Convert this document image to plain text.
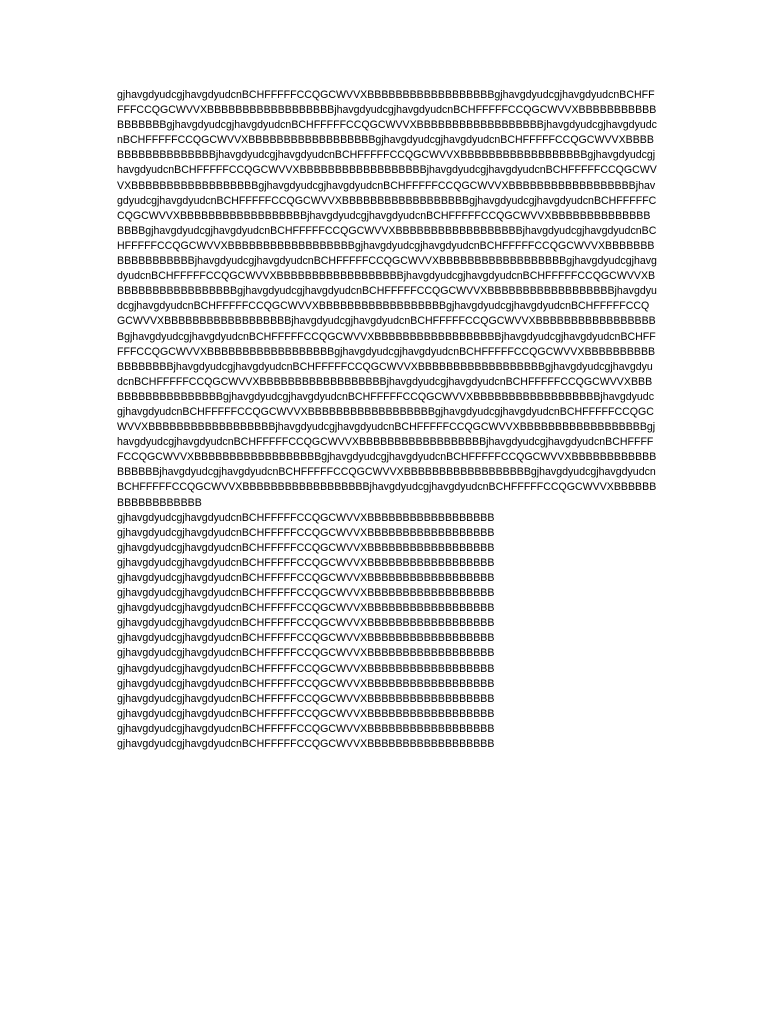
gjhavgdyudcgjhavgdyudcnBCHFFFFFCCQGCWVVXBBBBBBBBBBBBBBBBBBgjhavgdyudcgjhavgdyudcnBCHFFFFFCCQGCWVVXBBBBBBBBBBBBBBBBBBjhavgdyudcgjhavgdyudcnBCHFFFFFCCQGCWVVXBBBBBBBBBBBBBBBBBBgjhavgdyudcgjhavgdyudcnBCHFFFFFCCQGCWVVXBBBBBBBBBBBBBBBBBBjhavgdyudcgjhavgdyudcnBCHFFFFFCCQGCWVVXBBBBBBBBBBBBBBBBBBgjhavgdyudcgjhavgdyudcnBCHFFFFFCCQGCWVVXBBBBBBBBBBBBBBBBBBjhavgdyudcgjhavgdyudcnBCHFFFFFCCQGCWVVXBBBBBBBBBBBBBBBBBBgjhavgdyudcgjhavgdyudcnBCHFFFFFCCQGCWVVXBBBBBBBBBBBBBBBBBBjhavgdyudcgjhavgdyudcnBCHFFFFFCCQGCWVVXBBBBBBBBBBBBBBBBBBgjhavgdyudcgjhavgdyudcnBCHFFFFFCCQGCWVVXBBBBBBBBBBBBBBBBBBjhavgdyudcgjhavgdyudcnBCHFFFFFCCQGCWVVXBBBBBBBBBBBBBBBBBBgjhavgdyudcgjhavgdyudcnBCHFFFFFCCQGCWVVXBBBBBBBBBBBBBBBBBBjhavgdyudcgjhavgdyudcnBCHFFFFFCCQGCWVVXBBBBBBBBBBBBBBBBBBgjhavgdyudcgjhavgdyudcnBCHFFFFFCCQGCWVVXBBBBBBBBBBBBBBBBBBjhavgdyudcgjhavgdyudcnBCHFFFFFCCQGCWVVXBBBBBBBBBBBBBBBBBBgjhavgdyudcgjhavgdyudcnBCHFFFFFCCQGCWVVXBBBBBBBBBBBBBBBBBBjhavgdyudcgjhavgdyudcnBCHFFFFFCCQGCWVVXBBBBBBBBBBBBBBBBBBgjhavgdyudcgjhavgdyudcnBCHFFFFFCCQGCWVVXBBBBBBBBBBBBBBBBBBjhavgdyudcgjhavgdyudcnBCHFFFFFCCQGCWVVXBBBBBBBBBBBBBBBBBBgjhavgdyudcgjhavgdyudcnBCHFFFFFCCQGCWVVXBBBBBBBBBBBBBBBBBBjhavgdyudcgjhavgdyudcnBCHFFFFFCCQGCWVVXBBBBBBBBBBBBBBBBBBgjhavgdyudcgjhavgdyudcnBCHFFFFFCCQGCWVVXBBBBBBBBBBBBBBBBBBjhavgdyudcgjhavgdyudcnBCHFFFFFCCQGCWVVXBBBBBBBBBBBBBBBBBBgjhavgdyudcgjhavgdyudcnBCHFFFFFCCQGCWVVXBBBBBBBBBBBBBBBBBBjhavgdyudcgjhavgdyudcnBCHFFFFFCCQGCWVVXBBBBBBBBBBBBBBBBBBgjhavgdyudcgjhavgdyudcnBCHFFFFFCCQGCWVVXBBBBBBBBBBBBBBBBBBjhavgdyudcgjhavgdyudcnBCHFFFFFCCQGCWVVXBBBBBBBBBBBBBBBBBBgjhavgdyudcgjhavgdyudcnBCHFFFFFCCQGCWVVXBBBBBBBBBBBBBBBBBBjhavgdyudcgjhavgdyudcnBCHFFFFFCCQGCWVVXBBBBBBBBBBBBBBBBBBgjhavgdyudcgjhavgdyudcnBCHFFFFFCCQGCWVVXBBBBBBBBBBBBBBBBBBjhavgdyudcgjhavgdyudcnBCHFFFFFCCQGCWVVXBBBBBBBBBBBBBBBBBBgjhavgdyudcgjhavgdyudcnBCHFFFFFCCQGCWVVXBBBBBBBBBBBBBBBBBBjhavgdyudcgjhavgdyudcnBCHFFFFFCCQGCWVVXBBBBBBBBBBBBBBBBBBgjhavgdyudcgjhavgdyudcnBCHFFFFFCCQGCWVVXBBBBBBBBBBBBBBBBBBjhavgdyudcgjhavgdyudcnBCHFFFFFCCQGCWVVXBBBBBBBBBBBBBBBBBBgjhavgdyudcgjhavgdyudcnBCHFFFFFCCQGCWVVXBBBBBBBBBBBBBBBBBBjhavgdyudcgjhavgdyudcnBCHFFFFFCCQGCWVVXBBBBBBBBBBBBBBBBBBgjhavgdyudcgjhavgdyudcnBCHFFFFFCCQGCWVVXBBBBBBBBBBBBBBBBBBjhavgdyudcgjhavgdyudcnBCHFFFFFCCQGCWVVXBBBBBBBBBBBBBBBBBB

gjhavgdyudcgjhavgdyudcnBCHFFFFFCCQGCWVVXBBBBBBBBBBBBBBBBBB
gjhavgdyudcgjhavgdyudcnBCHFFFFFCCQGCWVVXBBBBBBBBBBBBBBBBBB
gjhavgdyudcgjhavgdyudcnBCHFFFFFCCQGCWVVXBBBBBBBBBBBBBBBBBB
gjhavgdyudcgjhavgdyudcnBCHFFFFFCCQGCWVVXBBBBBBBBBBBBBBBBBB
gjhavgdyudcgjhavgdyudcnBCHFFFFFCCQGCWVVXBBBBBBBBBBBBBBBBBB
gjhavgdyudcgjhavgdyudcnBCHFFFFFCCQGCWVVXBBBBBBBBBBBBBBBBBB
gjhavgdyudcgjhavgdyudcnBCHFFFFFCCQGCWVVXBBBBBBBBBBBBBBBBBB
gjhavgdyudcgjhavgdyudcnBCHFFFFFCCQGCWVVXBBBBBBBBBBBBBBBBBB
gjhavgdyudcgjhavgdyudcnBCHFFFFFCCQGCWVVXBBBBBBBBBBBBBBBBBB
gjhavgdyudcgjhavgdyudcnBCHFFFFFCCQGCWVVXBBBBBBBBBBBBBBBBBB
gjhavgdyudcgjhavgdyudcnBCHFFFFFCCQGCWVVXBBBBBBBBBBBBBBBBBB
gjhavgdyudcgjhavgdyudcnBCHFFFFFCCQGCWVVXBBBBBBBBBBBBBBBBBB
gjhavgdyudcgjhavgdyudcnBCHFFFFFCCQGCWVVXBBBBBBBBBBBBBBBBBB
gjhavgdyudcgjhavgdyudcnBCHFFFFFCCQGCWVVXBBBBBBBBBBBBBBBBBB
gjhavgdyudcgjhavgdyudcnBCHFFFFFCCQGCWVVXBBBBBBBBBBBBBBBBBB
gjhavgdyudcgjhavgdyudcnBCHFFFFFCCQGCWVVXBBBBBBBBBBBBBBBBBB
